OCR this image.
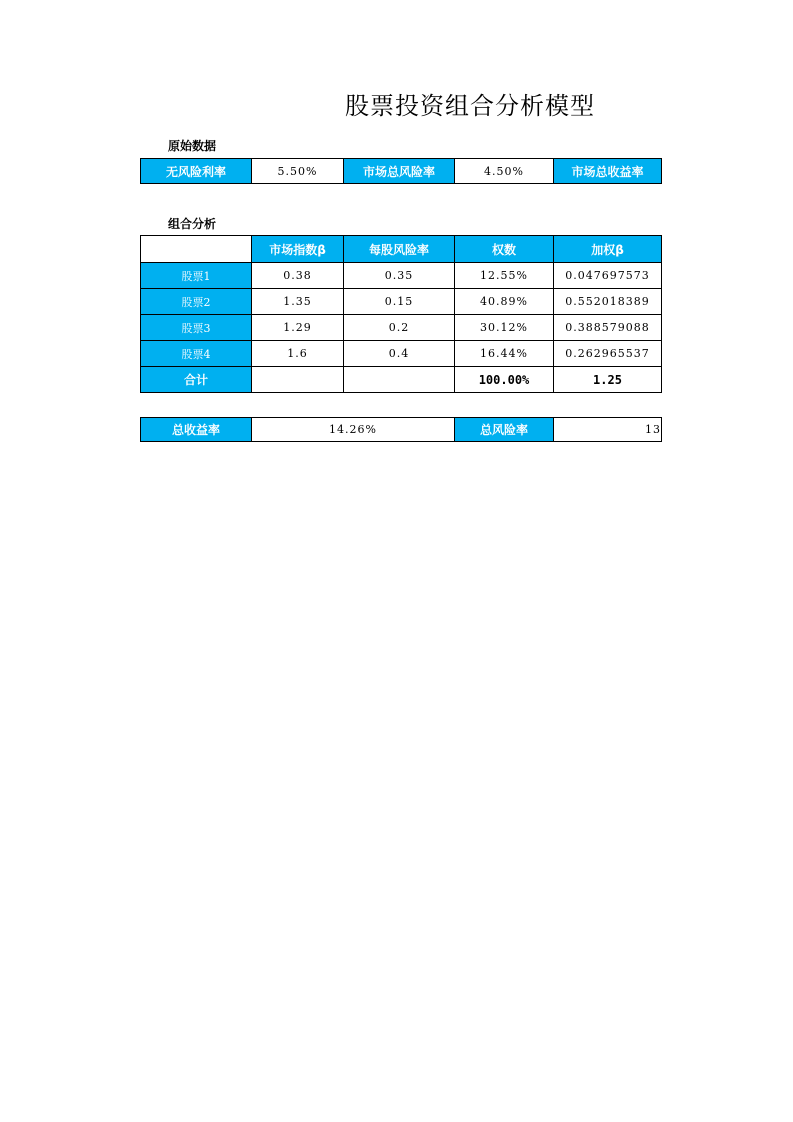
股票投资组合分析模型
原始数据
无风险利率	5.50%	市场总风险率	4.50%	市场总收益率
组合分析
	市场指数β	每股风险率	权数	加权β
股票1	0.38	0.35	12.55%	0.047697573
股票2	1.35	0.15	40.89%	0.552018389
股票3	1.29	0.2	30.12%	0.388579088
股票4	1.6	0.4	16.44%	0.262965537
合计			100.00%	1.25
总收益率	14.26%	总风险率	13
